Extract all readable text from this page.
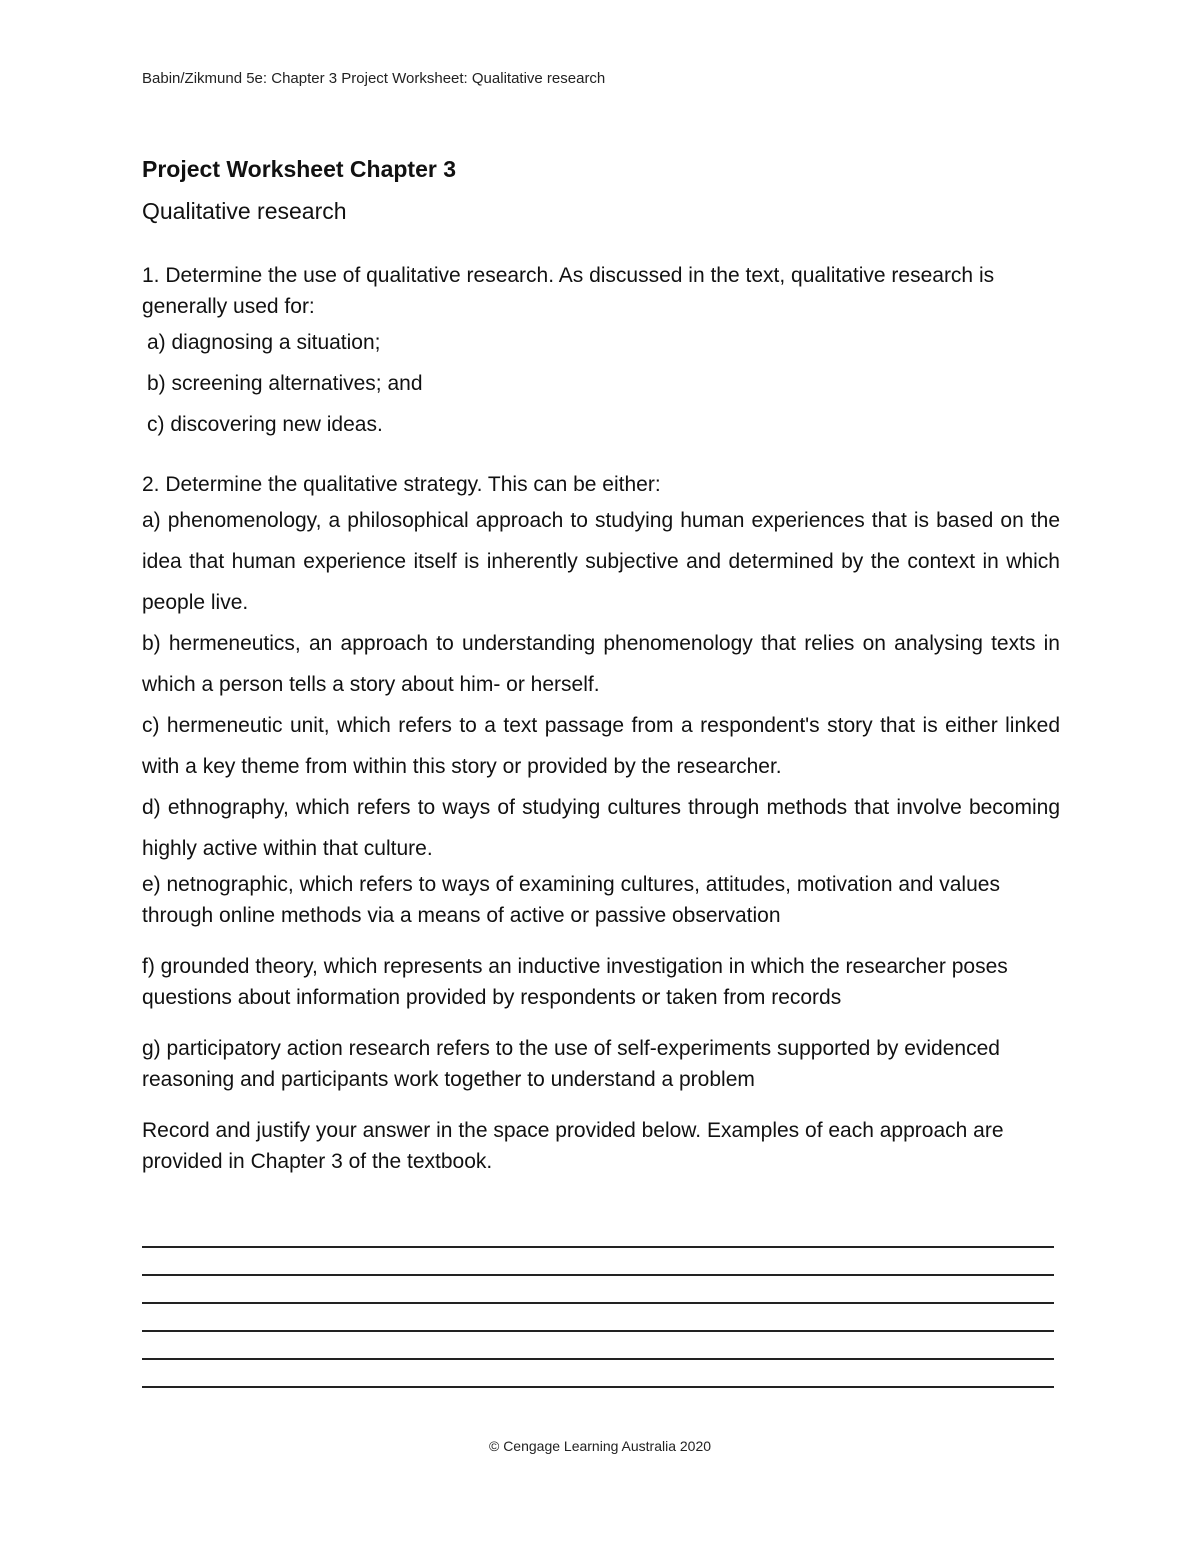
Babin/Zikmund 5e: Chapter 3 Project Worksheet: Qualitative research
Project Worksheet Chapter 3
Qualitative research

1. Determine the use of qualitative research. As discussed in the text, qualitative research is generally used for:

a) diagnosing a situation;

b) screening alternatives; and

c) discovering new ideas.

2. Determine the qualitative strategy. This can be either:

a) phenomenology, a philosophical approach to studying human experiences that is based on the idea that human experience itself is inherently subjective and determined by the context in which people live.

b) hermeneutics, an approach to understanding phenomenology that relies on analysing texts in which a person tells a story about him- or herself.

c) hermeneutic unit, which refers to a text passage from a respondent's story that is either linked with a key theme from within this story or provided by the researcher.

d) ethnography, which refers to ways of studying cultures through methods that involve becoming highly active within that culture.

e) netnographic, which refers to ways of examining cultures, attitudes, motivation and values through online methods via a means of active or passive observation

f) grounded theory, which represents an inductive investigation in which the researcher poses questions about information provided by respondents or taken from records

g) participatory action research refers to the use of self-experiments supported by evidenced reasoning and participants work together to understand a problem

Record and justify your answer in the space provided below. Examples of each approach are provided in Chapter 3 of the textbook.

© Cengage Learning Australia 2020
